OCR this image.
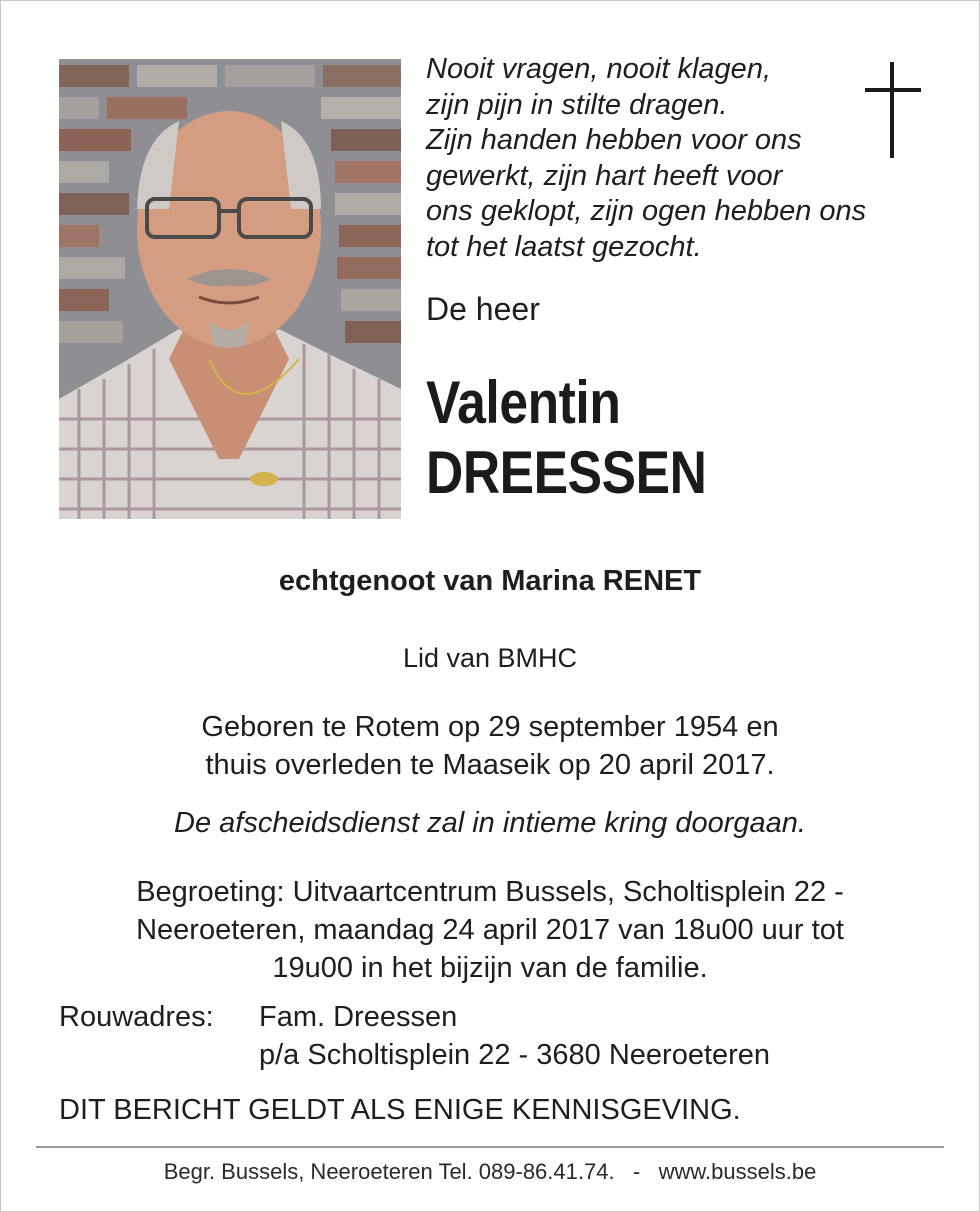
Nooit vragen, nooit klagen,
zijn pijn in stilte dragen.
Zijn handen hebben voor ons
gewerkt, zijn hart heeft voor
ons geklopt, zijn ogen hebben ons
tot het laatst gezocht.
De heer
Valentin
DREESSEN
echtgenoot van Marina RENET
Lid van BMHC
Geboren te Rotem op 29 september 1954 en
thuis overleden te Maaseik op 20 april 2017.
De afscheidsdienst zal in intieme kring doorgaan.
Begroeting: Uitvaartcentrum Bussels, Scholtisplein 22 -
Neeroeteren, maandag 24 april 2017 van 18u00 uur tot
19u00 in het bijzijn van de familie.
Rouwadres: Fam. Dreessen
p/a Scholtisplein 22 - 3680 Neeroeteren
DIT BERICHT GELDT ALS ENIGE KENNISGEVING.
Begr. Bussels, Neeroeteren Tel. 089-86.41.74.   -   www.bussels.be
